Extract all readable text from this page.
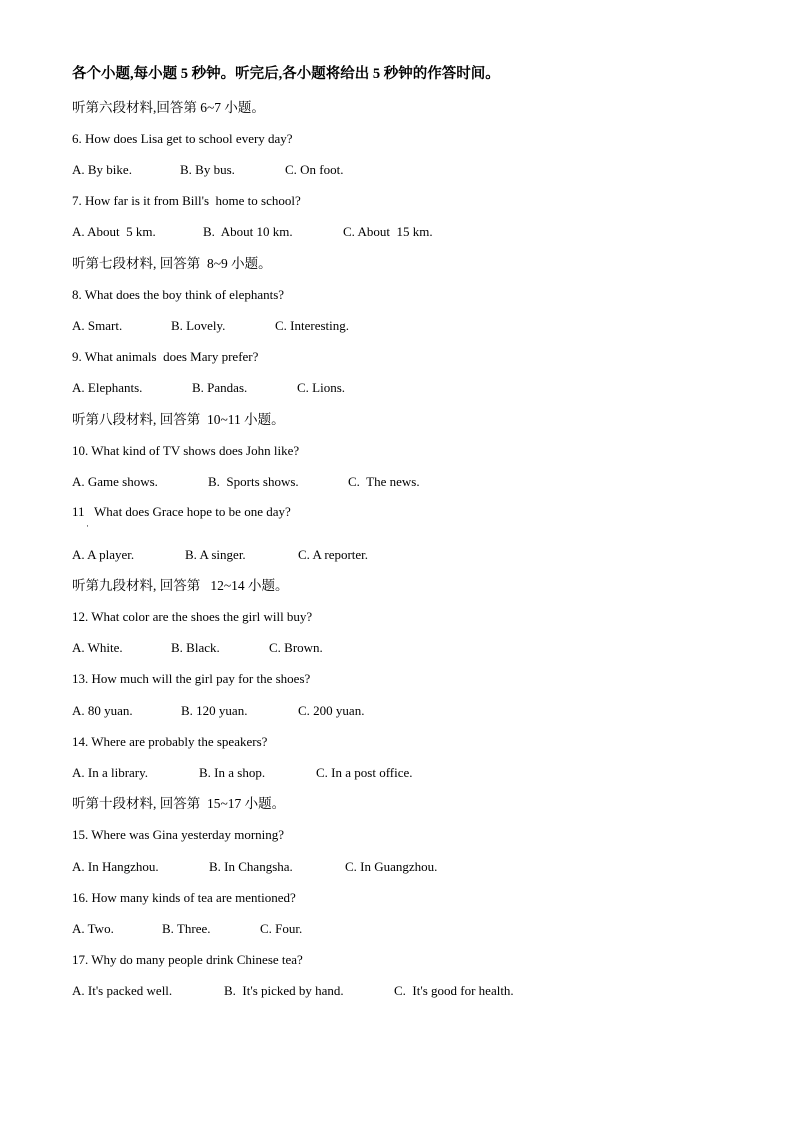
各个小题,每小题 5 秒钟。听完后,各小题将给出 5 秒钟的作答时间。
听第六段材料,回答第 6~7 小题。
6. How does Lisa get to school every day?

A. By bike.

	B. By bus.

	C. On foot.

7. How far is it from Bill's  home to school?

A. About  5 km.

	B.  About 10 km.

	C. About  15 km.

听第七段材料, 回答第  8~9 小题。
8. What does the boy think of elephants?

A. Smart.

	B. Lovely.

	C. Interesting.

9. What animals  does Mary prefer?

A. Elephants.

	B. Pandas.

	C. Lions.

听第八段材料, 回答第  10~11 小题。
10. What kind of TV shows does John like?

A. Game shows.

	B.  Sports shows.

	C.  The news.

11   What does Grace hope to be one day?
·

A. A player.

	B. A singer.

	C. A reporter.

听第九段材料, 回答第   12~14 小题。
12. What color are the shoes the girl will buy?

A. White.

	B. Black.

	C. Brown.

13. How much will the girl pay for the shoes?

A. 80 yuan.

	B. 120 yuan.

	C. 200 yuan.

14. Where are probably the speakers?

A. In a library.

	B. In a shop.

	C. In a post office.

听第十段材料, 回答第  15~17 小题。
15. Where was Gina yesterday morning?

A. In Hangzhou.

	B. In Changsha.

	C. In Guangzhou.

16. How many kinds of tea are mentioned?

A. Two.

	B. Three.

	C. Four.

17. Why do many people drink Chinese tea?

A. It's packed well.

	B.  It's picked by hand.

	C.  It's good for health.
